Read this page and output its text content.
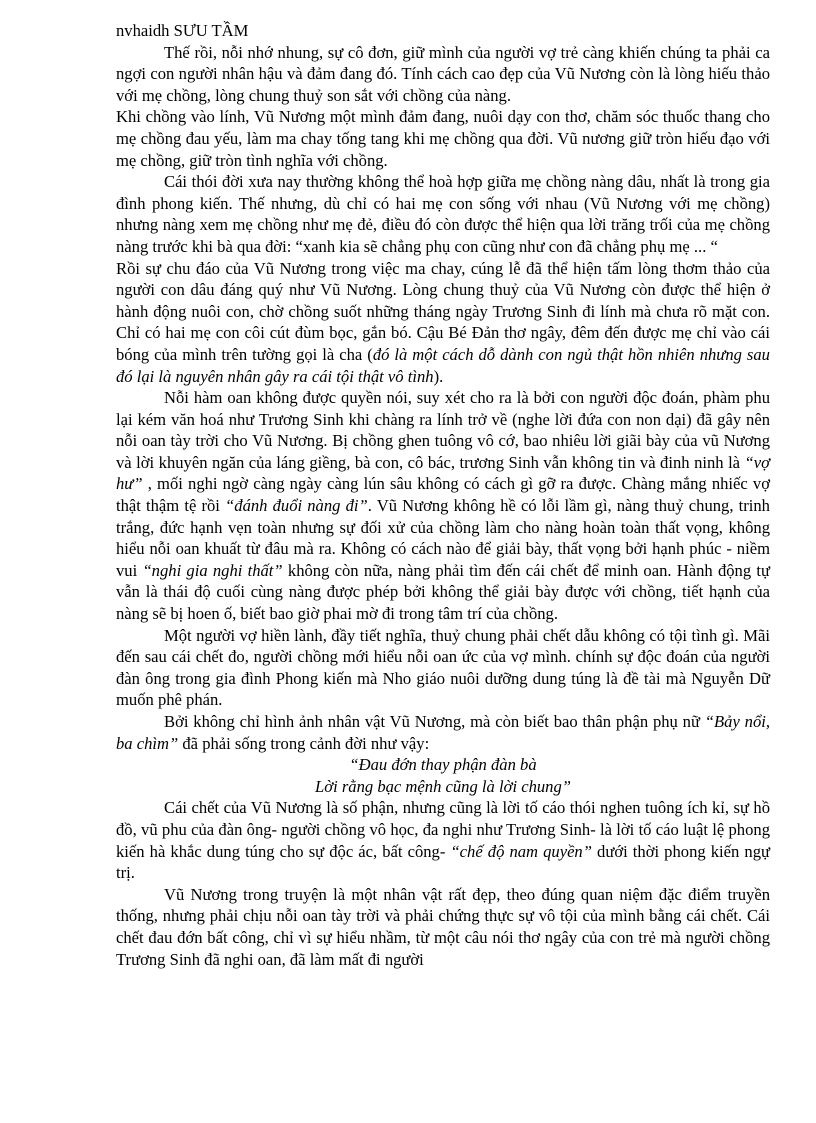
nvhaidh SƯU TẦM

Thế rồi, nỗi nhớ nhung, sự cô đơn, giữ mình của người vợ trẻ càng khiến chúng ta phải ca ngợi con người nhân hậu và đảm đang đó. Tính cách cao đẹp của Vũ Nương còn là lòng hiếu thảo với mẹ chồng, lòng chung thuỷ son sắt với chồng của nàng.

Khi chồng vào lính, Vũ Nương một mình đảm đang, nuôi dạy con thơ, chăm sóc thuốc thang cho mẹ chồng đau yếu, làm ma chay tống tang khi mẹ chồng qua đời. Vũ nương giữ tròn hiếu đạo với mẹ chồng, giữ tròn tình nghĩa với chồng.

Cái thói đời xưa nay thường không thể hoà hợp giữa mẹ chồng nàng dâu, nhất là trong gia đình phong kiến. Thế nhưng, dù chỉ có hai mẹ con sống với nhau (Vũ Nương với mẹ chồng) nhưng nàng xem mẹ chồng như mẹ đẻ, điều đó còn được thể hiện qua lời trăng trối của mẹ chồng nàng trước khi bà qua đời: “xanh kia sẽ chẳng phụ con cũng như con đã chẳng phụ mẹ ... “

Rồi sự chu đáo của Vũ Nương trong việc ma chay, cúng lễ đã thể hiện tấm lòng thơm thảo của người con dâu đáng quý như Vũ Nương. Lòng chung thuỷ của Vũ Nương còn được thể hiện ở hành động nuôi con, chờ chồng suốt những tháng ngày Trương Sinh đi lính mà chưa rõ mặt con. Chỉ có hai mẹ con côi cút đùm bọc, gắn bó. Cậu Bé Đản thơ ngây, đêm đến được mẹ chỉ vào cái bóng của mình trên tường gọi là cha (đó là một cách dỗ dành con ngủ thật hồn nhiên nhưng sau đó lại là nguyên nhân gây ra cái tội thật vô tình).

Nỗi hàm oan không được quyền nói, suy xét cho ra là bởi con người độc đoán, phàm phu lại kém văn hoá như Trương Sinh khi chàng ra lính trở về (nghe lời đứa con non dại) đã gây nên nỗi oan tày trời cho Vũ Nương. Bị chồng ghen tuông vô cớ, bao nhiêu lời giãi bày của vũ Nương và lời khuyên ngăn của láng giềng, bà con, cô bác, trương Sinh vẫn không tin và đinh ninh là “vợ hư” , mối nghi ngờ càng ngày càng lún sâu không có cách gì gỡ ra được. Chàng mắng nhiếc vợ thật thậm tệ rồi “đánh đuổi nàng đi”. Vũ Nương không hề có lỗi lầm gì, nàng thuỷ chung, trinh trắng, đức hạnh vẹn toàn nhưng sự đối xử của chồng làm cho nàng hoàn toàn thất vọng, không hiểu nỗi oan khuất từ đâu mà ra. Không có cách nào để giải bày, thất vọng bởi hạnh phúc - niềm vui “nghi gia nghi thất” không còn nữa, nàng phải tìm đến cái chết để minh oan. Hành động tự vẫn là thái độ cuối cùng nàng được phép bởi không thể giải bày được với chồng, tiết hạnh của nàng sẽ bị hoen ố, biết bao giờ phai mờ đi trong tâm trí của chồng.

Một người vợ hiền lành, đầy tiết nghĩa, thuỷ chung phải chết dẫu không có tội tình gì. Mãi đến sau cái chết đo, người chồng mới hiểu nỗi oan ức của vợ mình. chính sự độc đoán của người đàn ông trong gia đình Phong kiến mà Nho giáo nuôi dưỡng dung túng là đề tài mà Nguyễn Dữ muốn phê phán.

Bởi không chỉ hình ảnh nhân vật Vũ Nương, mà còn biết bao thân phận phụ nữ “Bảy nổi, ba chìm” đã phải sống trong cảnh đời như vậy:

“Đau đớn thay phận đàn bà

Lời rằng bạc mệnh cũng là lời chung”

Cái chết của Vũ Nương là số phận, nhưng cũng là lời tố cáo thói nghen tuông ích kỉ, sự hồ đồ, vũ phu của đàn ông- người chồng vô học, đa nghi như Trương Sinh- là lời tố cáo luật lệ phong kiến hà khắc dung túng cho sự độc ác, bất công- “chế độ nam quyền” dưới thời phong kiến ngự trị.

Vũ Nương trong truyện là một nhân vật rất đẹp, theo đúng quan niệm đặc điểm truyền thống, nhưng phải chịu nỗi oan tày trời và phải chứng thực sự vô tội của mình bằng cái chết. Cái chết đau đớn bất công, chỉ vì sự hiểu nhầm, từ một câu nói thơ ngây của con trẻ mà người chồng Trương Sinh đã nghi oan, đã làm mất đi người
